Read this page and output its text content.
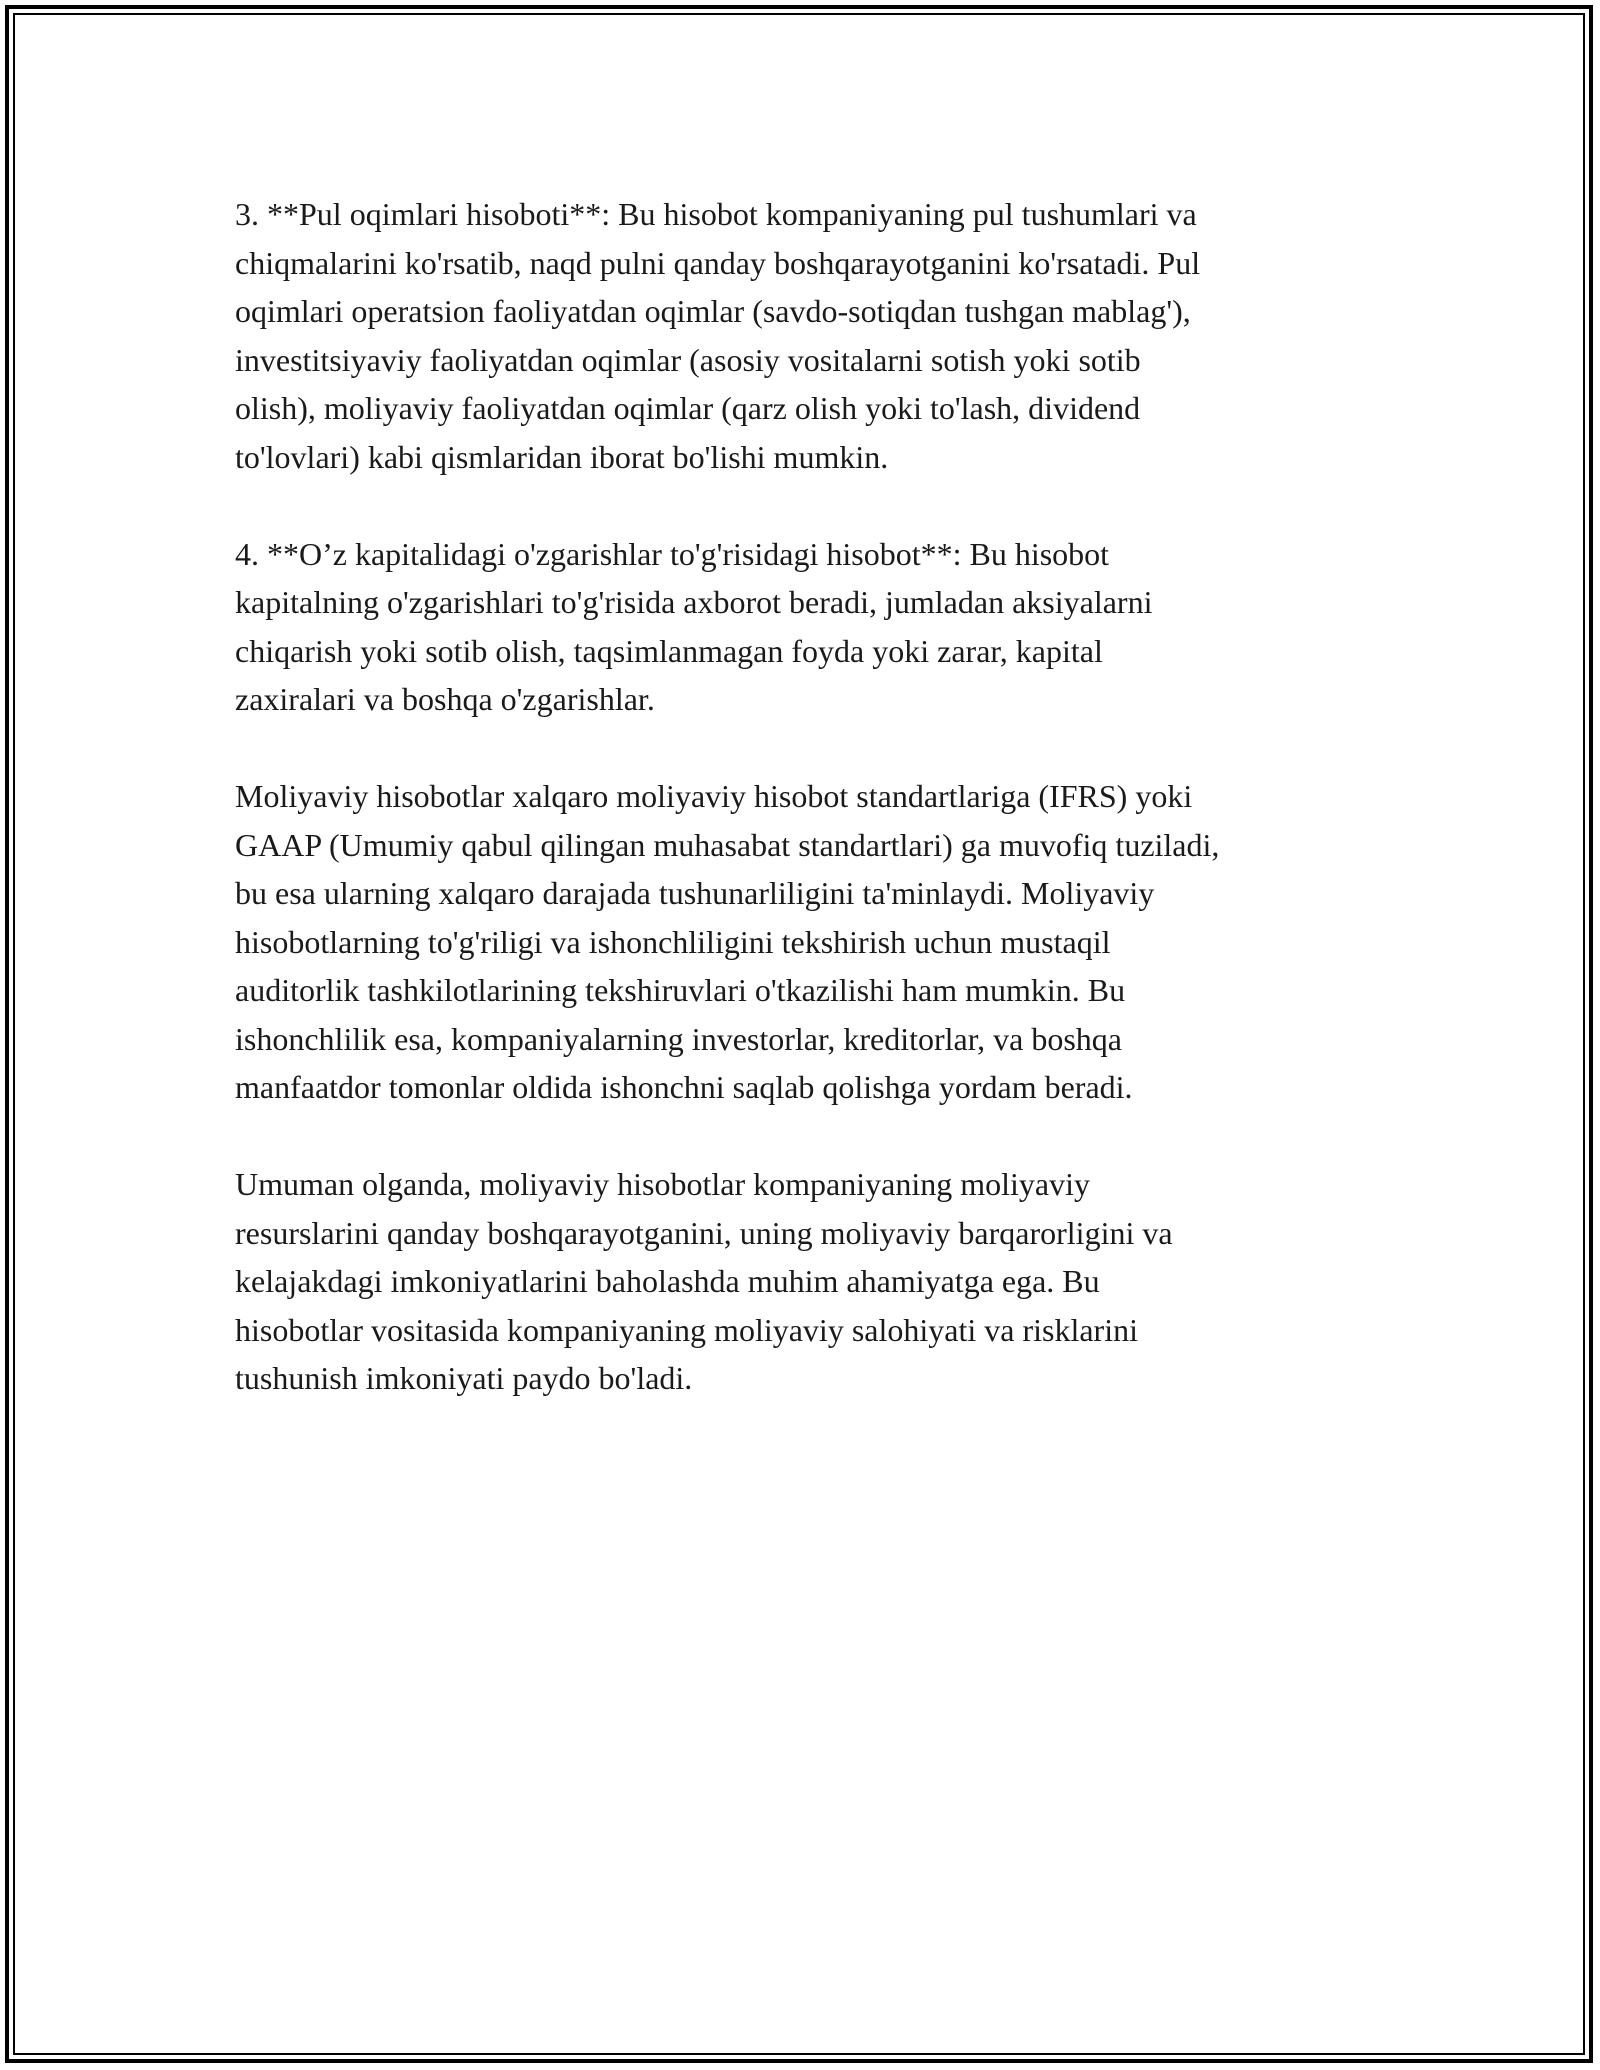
3. **Pul oqimlari hisoboti**: Bu hisobot kompaniyaning pul tushumlari va
chiqmalarini ko'rsatib, naqd pulni qanday boshqarayotganini ko'rsatadi. Pul
oqimlari operatsion faoliyatdan oqimlar (savdo-sotiqdan tushgan mablag'),
investitsiyaviy faoliyatdan oqimlar (asosiy vositalarni sotish yoki sotib
olish), moliyaviy faoliyatdan oqimlar (qarz olish yoki to'lash, dividend
to'lovlari) kabi qismlaridan iborat bo'lishi mumkin.

4. **O’z kapitalidagi o'zgarishlar to'g'risidagi hisobot**: Bu hisobot
kapitalning o'zgarishlari to'g'risida axborot beradi, jumladan aksiyalarni
chiqarish yoki sotib olish, taqsimlanmagan foyda yoki zarar, kapital
zaxiralari va boshqa o'zgarishlar.

Moliyaviy hisobotlar xalqaro moliyaviy hisobot standartlariga (IFRS) yoki
GAAP (Umumiy qabul qilingan muhasabat standartlari) ga muvofiq tuziladi,
bu esa ularning xalqaro darajada tushunarliligini ta'minlaydi. Moliyaviy
hisobotlarning to'g'riligi va ishonchliligini tekshirish uchun mustaqil
auditorlik tashkilotlarining tekshiruvlari o'tkazilishi ham mumkin. Bu
ishonchlilik esa, kompaniyalarning investorlar, kreditorlar, va boshqa
manfaatdor tomonlar oldida ishonchni saqlab qolishga yordam beradi.

Umuman olganda, moliyaviy hisobotlar kompaniyaning moliyaviy
resurslarini qanday boshqarayotganini, uning moliyaviy barqarorligini va
kelajakdagi imkoniyatlarini baholashda muhim ahamiyatga ega. Bu
hisobotlar vositasida kompaniyaning moliyaviy salohiyati va risklarini
tushunish imkoniyati paydo bo'ladi.
